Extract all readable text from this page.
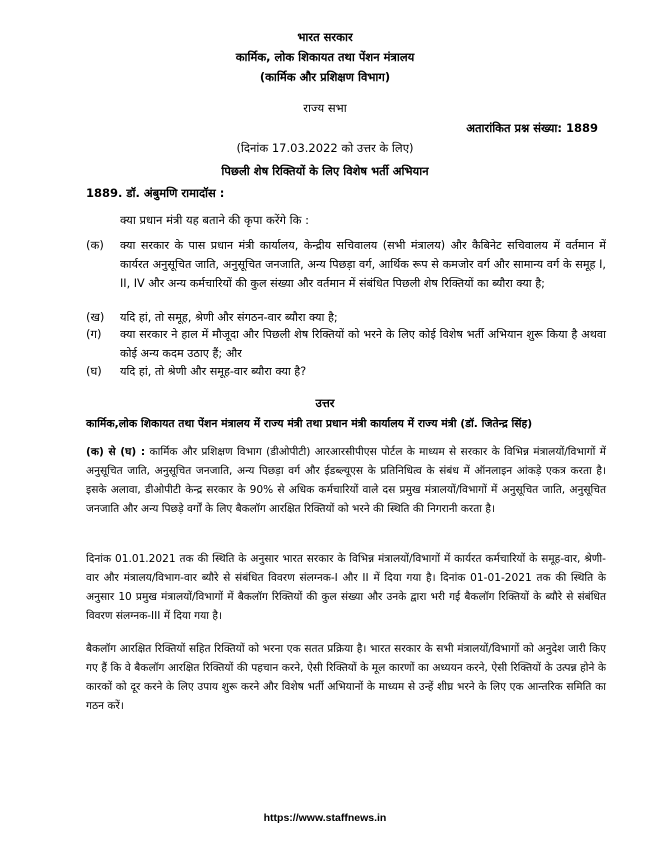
भारत सरकार
कार्मिक, लोक शिकायत तथा पेंशन मंत्रालय
(कार्मिक और प्रशिक्षण विभाग)
राज्य सभा
अतारांकित प्रश्न संख्या: 1889
(दिनांक 17.03.2022 को उत्तर के लिए)
पिछली शेष रिक्तियों के लिए विशेष भर्ती अभियान
1889. डॉ. अंबुमणि रामादॉस :
क्या प्रधान मंत्री यह बताने की कृपा करेंगे कि :
(क) क्या सरकार के पास प्रधान मंत्री कार्यालय, केन्द्रीय सचिवालय (सभी मंत्रालय) और कैबिनेट सचिवालय में वर्तमान में कार्यरत अनुसूचित जाति, अनुसूचित जनजाति, अन्य पिछड़ा वर्ग, आर्थिक रूप से कमजोर वर्ग और सामान्य वर्ग के समूह I, II, IV और अन्य कर्मचारियों की कुल संख्या और वर्तमान में संबंधित पिछली शेष रिक्तियों का ब्यौरा क्या है;
(ख) यदि हां, तो समूह, श्रेणी और संगठन-वार ब्यौरा क्या है;
(ग) क्या सरकार ने हाल में मौजूदा और पिछली शेष रिक्तियों को भरने के लिए कोई विशेष भर्ती अभियान शुरू किया है अथवा कोई अन्य कदम उठाए हैं; और
(घ) यदि हां, तो श्रेणी और समूह-वार ब्यौरा क्या है?
उत्तर
कार्मिक,लोक शिकायत तथा पेंशन मंत्रालय में राज्य मंत्री तथा प्रधान मंत्री कार्यालय में राज्य मंत्री (डॉ. जितेन्द्र सिंह)
(क) से (घ) : कार्मिक और प्रशिक्षण विभाग (डीओपीटी) आरआरसीपीएस पोर्टल के माध्यम से सरकार के विभिन्न मंत्रालयों/विभागों में अनुसूचित जाति, अनुसूचित जनजाति, अन्य पिछड़ा वर्ग और ईडब्ल्यूएस के प्रतिनिधित्व के संबंध में ऑनलाइन आंकड़े एकत्र करता है। इसके अलावा, डीओपीटी केन्द्र सरकार के 90% से अधिक कर्मचारियों वाले दस प्रमुख मंत्रालयों/विभागों में अनुसूचित जाति, अनुसूचित जनजाति और अन्य पिछड़े वर्गों के लिए बैकलॉग आरक्षित रिक्तियों को भरने की स्थिति की निगरानी करता है।
दिनांक 01.01.2021 तक की स्थिति के अनुसार भारत सरकार के विभिन्न मंत्रालयों/विभागों में कार्यरत कर्मचारियों के समूह-वार, श्रेणी-वार और मंत्रालय/विभाग-वार ब्यौरे से संबंधित विवरण संलग्नक-I और II में दिया गया है। दिनांक 01-01-2021 तक की स्थिति के अनुसार 10 प्रमुख मंत्रालयों/विभागों में बैकलॉग रिक्तियों की कुल संख्या और उनके द्वारा भरी गई बैकलॉग रिक्तियों के ब्यौरे से संबंधित विवरण संलग्नक-III में दिया गया है।
बैकलॉग आरक्षित रिक्तियों सहित रिक्तियों को भरना एक सतत प्रक्रिया है। भारत सरकार के सभी मंत्रालयों/विभागों को अनुदेश जारी किए गए हैं कि वे बैकलॉग आरक्षित रिक्तियों की पहचान करने, ऐसी रिक्तियों के मूल कारणों का अध्ययन करने, ऐसी रिक्तियों के उत्पन्न होने के कारकों को दूर करने के लिए उपाय शुरू करने और विशेष भर्ती अभियानों के माध्यम से उन्हें शीघ्र भरने के लिए एक आन्तरिक समिति का गठन करें।
https://www.staffnews.in
